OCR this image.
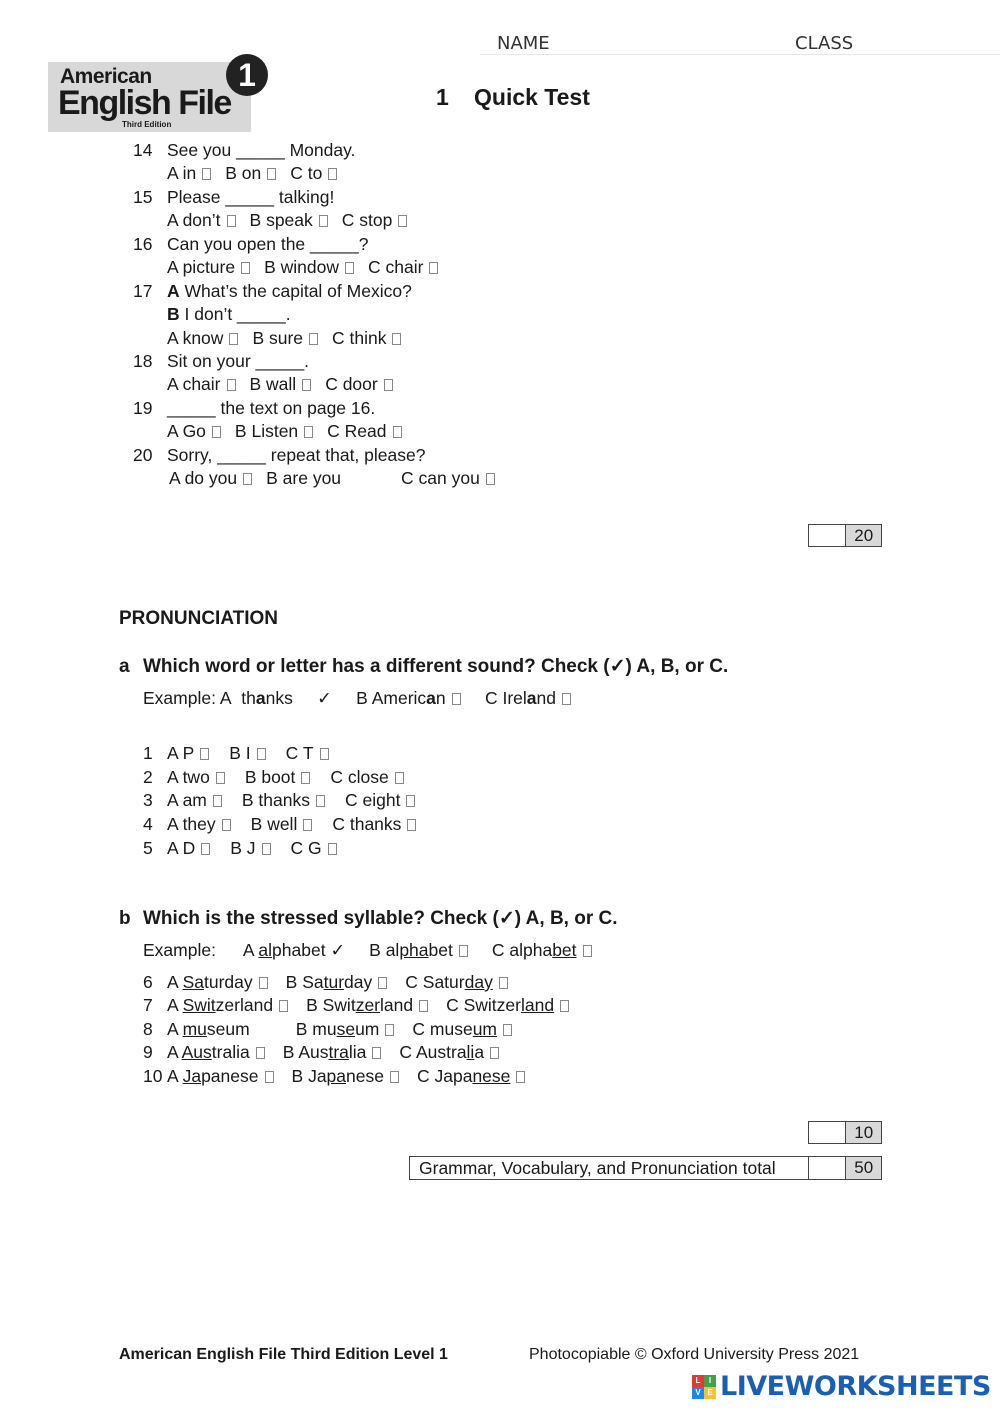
NAME	CLASS
American
English File
Third Edition
1
1 Quick Test
14 See you _____ Monday.
A in B on C to
15 Please _____ talking!
A don’t B speak C stop
16 Can you open the _____?
A picture B window C chair
17 A What’s the capital of Mexico?
B I don’t _____.
A know B sure C think
18 Sit on your _____.
A chair B wall C door
19 _____ the text on page 16.
A Go B Listen C Read
20 Sorry, _____ repeat that, please?
A do you B are you	C can you
20
PRONUNCIATION
a Which word or letter has a different sound? Check (✓) A, B, or C.
Example: A thanks ✓ B American C Ireland
1 A P B I C T
2 A two B boot C close
3 A am B thanks C eight
4 A they B well C thanks
5 A D B J C G
b Which is the stressed syllable? Check (✓) A, B, or C.
Example: A alphabet ✓ B alphabet C alphabet
6 A Saturday B Saturday C Saturday
7 A Switzerland B Switzerland C Switzerland
8 A museum	B museum C museum
9 A Australia B Australia C Australia
10 A Japanese B Japanese C Japanese
10
Grammar, Vocabulary, and Pronunciation total	50
American English File Third Edition Level 1	Photocopiable © Oxford University Press 2021
L	I
V E LIVEWORKSHEETS
